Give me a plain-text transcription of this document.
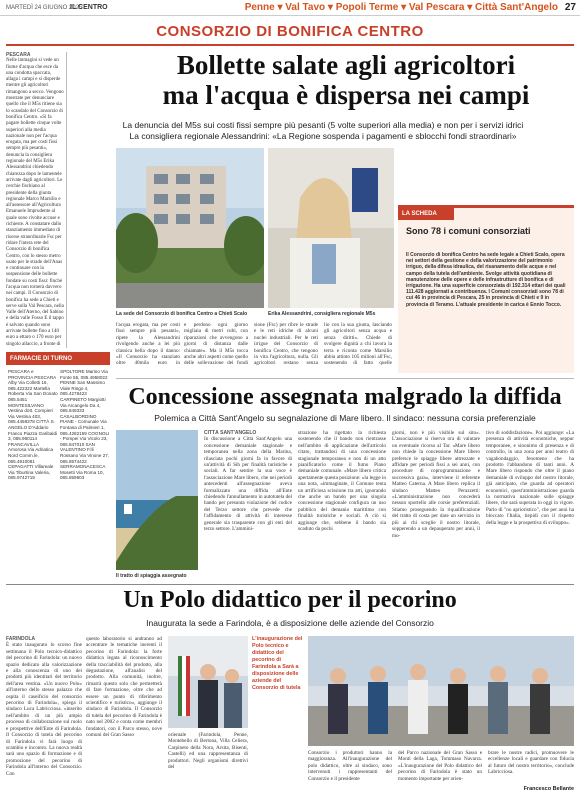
MARTEDÌ 24 GIUGNO 2025
IL CENTRO	Penne ▾ Val Tavo ▾ Popoli Terme ▾ Val Pescara ▾ Città Sant'Angelo 27
CONSORZIO DI BONIFICA CENTRO
PESCARA
Nelle immagini si vede un fiume d'acqua che esce da una condotta spaccata, allaga i campi e si disperde mentre gli agricoltori rimangono a secco. Vengono mostrate per denunciare quello che il M5s ritiene sia lo scandalo del Consorzio di bonifica Centro. «Si fa pagare bollette cinque volte superiori alla media nazionale non per l'acqua erogata, ma per costi fissi sempre più pesanti», denuncia la consigliera regionale del M5s Erika Alessandrini chiedendo chiarezza dopo le lamentele arrivate dagli agricoltori. Le cerchie fischiano al presidente della giunta regionale Marco Marsilio e all'assessore all'Agricoltura Emanuele Imprudente al quale sono rivolte accuse e richieste. A constatare dallo stanziamento immediato di risorse straordinarie Fsc per ridare l'intera rete del Consorzio di bonifica Centro, con lo stesso metro usato per le strade dell'Anas e continuare con la sospensione delle bollette fondate su costi fissi: finché l'acqua non tornerà davvero nei campi. Il Consorzio di bonifica ha sede a Chieti e serve sulla Val Pescara, nella Valle dell'Aterno, del Sabino e della valle Fosso E il tappo è salvato quando sono arrivate bollette fino a 140 euro a ettaro o 170 euro per singolo allaccio, a fronte di
Bollette salate agli agricoltori
ma l'acqua è dispersa nei campi
La denuncia del M5s sui costi fissi sempre più pesanti (5 volte superiori alla media) e non per i servizi idrici
La consigliera regionale Alessandrini: «La Regione sospenda i pagamenti e sblocchi fondi straordinari»
La sede del Consorzio di bonifica Centro a Chieti Scalo	Erika Alessandrini, consigliera regionale M5s
l'acqua erogata, ma per costi fissi sempre più pesanti», ripete la Alessandrini rivolgendo anche a lei più classica bella dopo il danno: «Il Consorzio ha stanziato oltre 40mila euro in
e perdono ogni giorno migliaia di metri cubi, con riparazioni che avvengono a giorni di distanza dalle chiamate». Ma il M5s tocca anche altri aspetti come quello delle sollevazione dei fondi
sione (Fsc) per ribre le strade e le reti idriche di alcuni nuclei industriali. Per le reti irrigue del Consorzio di bonifica Centro, che tengono in vita l'agricoltura, nulla. Gli agricoltori restano senza
lio con la sua giunta, lasciando gli agricoltori senza acqua e senza diritti». Chiede di svolgere dignità a chi lavora la terra e riconta come Marsilio abbia attinto 105 milioni all'Fsc, sostenendo di fatto quelle
LA SCHEDA
Sono 78 i comuni consorziati
Il Consorzio di bonifica Centro ha sede legale a Chieti Scalo, opera nei settori della gestione e della valorizzazione del patrimonio irriguo, della difesa idraulica, del risanamento delle acque e nel campo della tutela dell'ambiente. Svolge attività quotidiana di manutenzione delle opere e delle infrastrutture di bonifica e di irrigazione. Ha una superficie consorziata di 192.314 ettari dei quali 111.428 aggiornati a contribuenza. I Comuni consorziati sono 78 di cui 46 in provincia di Pescara, 25 in provincia di Chieti e 9 in provincia di Teramo. L'attuale presidente in carica è Ennio Tocco.
FARMACIE DI TURNO
PESCARA e PROVINCIA PESCARA Alby Via Colletti 16, 085.422322 Martella Roberta Via San Donato 085.5451 MONTESILVANO Vestina dott. Compieri Via Vestina 403, 085.4458378 CITTÀ S. ANGELO D'Addario Franco Piazza Garibaldi 3, 085.960114 FRANCAVILLA Amorosa Via Adriatica Nord Comm.le, 085.4910081 CEPAGATTI Villareale Via Tiburtina Valeria, 085.9742719
SPOLTORE Marino Via Fonte 55, 085.4958022 PENNE San Massimo Viale Ringo 4, 085.4278423 CARPINETO Margiotti Via Arcangelo Da 4, 085.849333 CASALBORDINO PIANE - Comunale Via Fontana di Palmieri 1, 085.4282159 COGNOLI - Pompei Via Vicolo 23, 085.847010 SAN VALENTINO F.lli Rossano Via Vinone 27, 085.8574422 SERRAMONACESCA Mosetti Via Roma 10, 085.859803
Concessione assegnata malgrado la diffida
Polemica a Città Sant'Angelo su segnalazione di Mare libero. Il sindaco: nessuna corsia preferenziale
Il tratto di spiaggia assegnato
CITTÀ SANT'ANGELO
In discussione a Città Sant'Angelo una concessione demaniale stagionale e temporanea nella zona della Marina, rilasciata pochi giorni fa in favore di un'attività di Sib per finalità turistiche e sociali. A far sentire la sua voce è l'associazione Mare libero, che nei periodi antecedenti all'assegnazione aveva formalizzato una diffida all'Ente chiedendo l'annullamento in autotutela del bando per presunta violazione del codice del Terzo settore che prevede che l'affidamento di attività di interesse generale sia trasparente con gli enti del terzo settore. L'ammini-
strazione ha rigettato la richiesta sostenendo che il bando non rientrasse nell'ambito di applicazione dell'articolo citato, trattandosi di una concessione stagionale temporanea e non di un atto pianificatorio come il fumo Piano demaniale comunale. «Mare libero critica apertamente questa posizione: «la legge in una nota, «immaginate, il Comune tenta un artificiosa scissione tra atti, ignorando che anche un bando per una singola concessione stagionale configura un uso pubblico del demanio marittimo con finalità turistiche e sociali. A ciò si aggiunge che, sebbene il bando sia scaduto da pochi
giorni, non è più visibile sul sito». L'associazione si riserva ora di valutare un eventuale ricorso al Tar. «Mare libero non chiede la concessione Mare libero prefersce le spiagge libere attrezzate e affidare per periodi fissi a sei anni, con procedure di coprogrammazione e successiva gara», interviene il referente Matteo Caterna. A Mare libero replica il sindaco Matteo Perazzetti: «L'amministrazione non concederà nessun sportello alle corsie preferenziali. Stiamo proseguendo la riqualificazione del tratto di costa per dare un servizio in più ai chi sceglie il nostro litorale, sopperendo a un depauperato per anni, il mo-
tivo di soddisfazione». Poi aggiunge: «La presenza di attività economiche, seppur temporanee, e sinonimo di presenza e di controllo, in una zona per anni teatro di vagabondaggio, fenomeno che ha prodotto l'abbandono di tanti anni. A Mare libero rispondo che oltre il piano demaniale di sviluppo del nostro litorale, già anticipato, che guarda ad operatori economici, quest'amministrazione guarda la normativa nazionale sulle spiagge libere, che sarà superata in oggi in vigore. Parlo di "no aprioristico", che per anni ha bloccato l'Italia, tiepidi con il rispetto della legge e la prospettiva di sviluppo».
Un Polo didattico per il pecorino
Inaugurata la sede a Farindola, è a disposizione delle aziende del Consorzio
FARINDOLA
È stato inaugurato lo scorso fine settimana il Polo tecnico-didattico del pecorino di Farindola: un nuovo spazio dedicato alla valorizzazione e alla conoscenza di uno dei prodotti più identitari del territorio dell'area vestina. «Un nuovo Polo» all'interno dello stesso palazzo che ospita il caseificio del consorzio pecorino di Farindola», spiega il sindaco Luca Labricciosa. «inserito nell'ambito di un più ampio processo di collaborazione sul ruolo e prospettive dell'Ente di Farindola. Il Consorzio di tutela del pecorino di Farindola vi farà luogo di scambio e incontro. La nuova realtà sarà uno spazio di formazione e di promozione del pecorino di Farindola all'interno del Consorzio. Con
questo laboratorio si andranno ad accentrare le tematiche inerenti il pecorino di Farindola: la forte didattica legata al riconoscimento della tracciabilità del prodotto, alla degustazione, all'analisi del prodotto. Alla comunità, inoltre, rimarrà questo solo che permetterà di fare formazione, oltre che ad essere un punto di riferimento scientifico e turistico», aggiunge il sindaco di Farindola. Il Consorzio di tutela del pecorino di Farindola è nato nel 2002 e conta come membri fondatori, con il Parco stesso, nove comuni dei Gran Sasso	orientale (Farindola, Penne, Montebello di Bertona, Villa Celiera, Carpineto della Nora, Arsita, Bisenti, Castelli) ed una rappresentanza di produttori. Negli organismi direttivi del
L'inaugurazione del Polo tecnico e didattico del pecorino di Farindola a Sarà a disposizione delle aziende del Consorzio di tutela
Consorzio i produttori hanno la maggioranza. All'inaugurazione del polo didattico, oltre al sindaco, sono intervenuti i rappresentanti del Consorzio e il presidente
del Parco nazionale del Gran Sasso e Monti della Laga, Tommaso Navarra. «L'inaugurazione del Polo didattico del pecorino di Farindola è stato un momento importante per orien-
brare le nostre radici, promuovere le eccellenze locali e guardare con fiducia al futuro del nostro territorio», conclude Labricciosa.
Francesco Bellante
